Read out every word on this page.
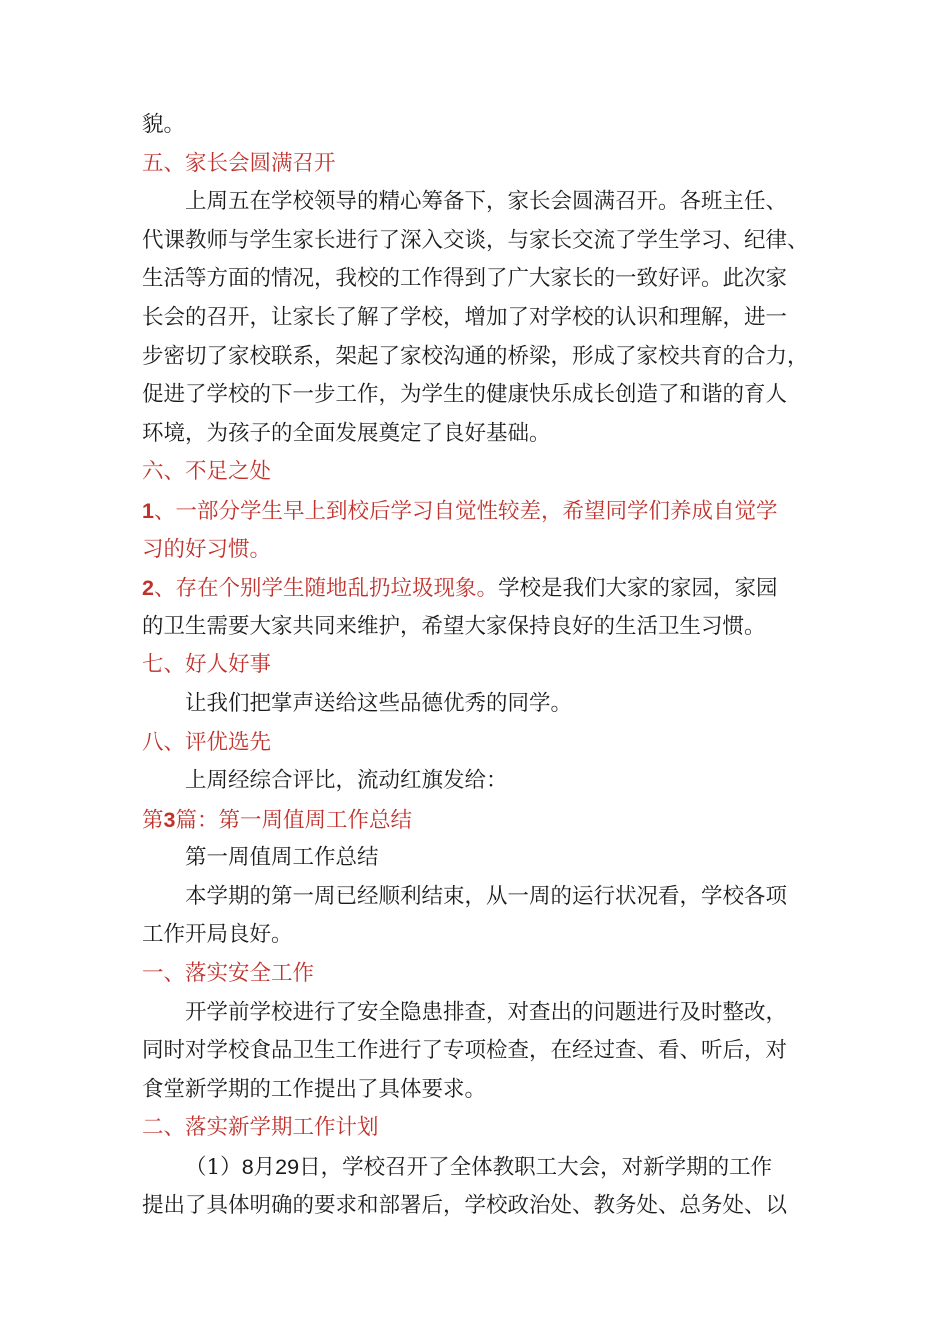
貌。
五、家长会圆满召开
上周五在学校领导的精心筹备下，家长会圆满召开。各班主任、
代课教师与学生家长进行了深入交谈，与家长交流了学生学习、纪律、
生活等方面的情况，我校的工作得到了广大家长的一致好评。此次家
长会的召开，让家长了解了学校，增加了对学校的认识和理解，进一
步密切了家校联系，架起了家校沟通的桥梁，形成了家校共育的合力，
促进了学校的下一步工作，为学生的健康快乐成长创造了和谐的育人
环境，为孩子的全面发展奠定了良好基础。
六、不足之处
1、一部分学生早上到校后学习自觉性较差，希望同学们养成自觉学
习的好习惯。
2、存在个别学生随地乱扔垃圾现象。学校是我们大家的家园，家园
的卫生需要大家共同来维护，希望大家保持良好的生活卫生习惯。
七、好人好事
让我们把掌声送给这些品德优秀的同学。
八、评优选先
上周经综合评比，流动红旗发给：
第3篇：第一周值周工作总结
第一周值周工作总结
本学期的第一周已经顺利结束，从一周的运行状况看，学校各项
工作开局良好。
一、落实安全工作
开学前学校进行了安全隐患排查，对查出的问题进行及时整改，
同时对学校食品卫生工作进行了专项检查，在经过查、看、听后，对
食堂新学期的工作提出了具体要求。
二、落实新学期工作计划
（1）8月29日，学校召开了全体教职工大会，对新学期的工作
提出了具体明确的要求和部署后，学校政治处、教务处、总务处、以
